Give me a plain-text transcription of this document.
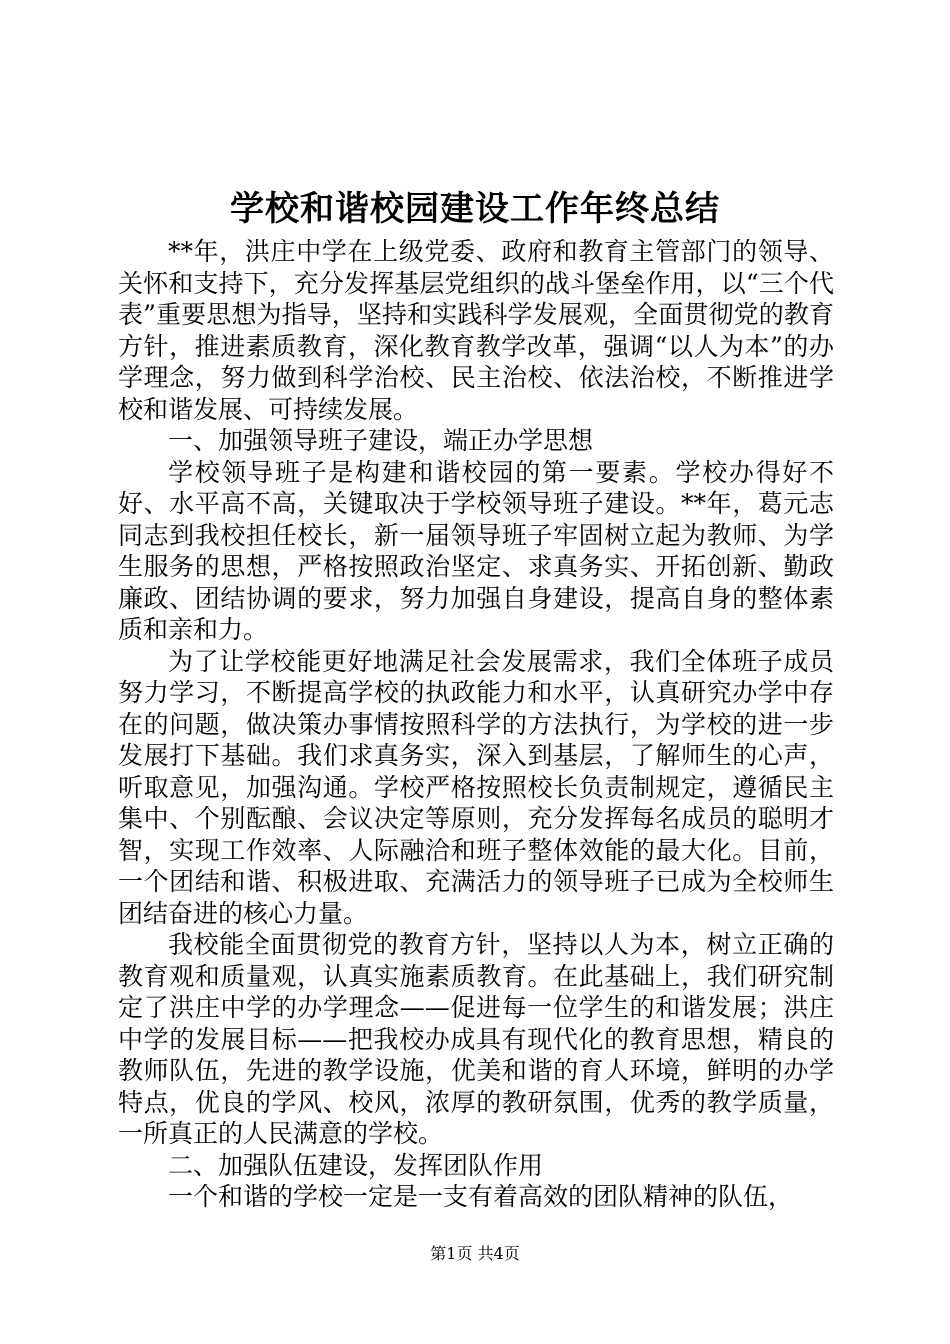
学校和谐校园建设工作年终总结

**年，洪庄中学在上级党委、政府和教育主管部门的领导、关怀和支持下，充分发挥基层党组织的战斗堡垒作用，以“三个代表”重要思想为指导，坚持和实践科学发展观，全面贯彻党的教育方针，推进素质教育，深化教育教学改革，强调“以人为本”的办学理念，努力做到科学治校、民主治校、依法治校，不断推进学校和谐发展、可持续发展。

一、加强领导班子建设，端正办学思想

学校领导班子是构建和谐校园的第一要素。学校办得好不好、水平高不高，关键取决于学校领导班子建设。**年，葛元志同志到我校担任校长，新一届领导班子牢固树立起为教师、为学生服务的思想，严格按照政治坚定、求真务实、开拓创新、勤政廉政、团结协调的要求，努力加强自身建设，提高自身的整体素质和亲和力。

为了让学校能更好地满足社会发展需求，我们全体班子成员努力学习，不断提高学校的执政能力和水平，认真研究办学中存在的问题，做决策办事情按照科学的方法执行，为学校的进一步发展打下基础。我们求真务实，深入到基层，了解师生的心声，听取意见，加强沟通。学校严格按照校长负责制规定，遵循民主集中、个别酝酿、会议决定等原则，充分发挥每名成员的聪明才智，实现工作效率、人际融洽和班子整体效能的最大化。目前，一个团结和谐、积极进取、充满活力的领导班子已成为全校师生团结奋进的核心力量。

我校能全面贯彻党的教育方针，坚持以人为本，树立正确的教育观和质量观，认真实施素质教育。在此基础上，我们研究制定了洪庄中学的办学理念——促进每一位学生的和谐发展；洪庄中学的发展目标——把我校办成具有现代化的教育思想，精良的教师队伍，先进的教学设施，优美和谐的育人环境，鲜明的办学特点，优良的学风、校风，浓厚的教研氛围，优秀的教学质量，一所真正的人民满意的学校。

二、加强队伍建设，发挥团队作用

一个和谐的学校一定是一支有着高效的团队精神的队伍，

第1页 共4页
